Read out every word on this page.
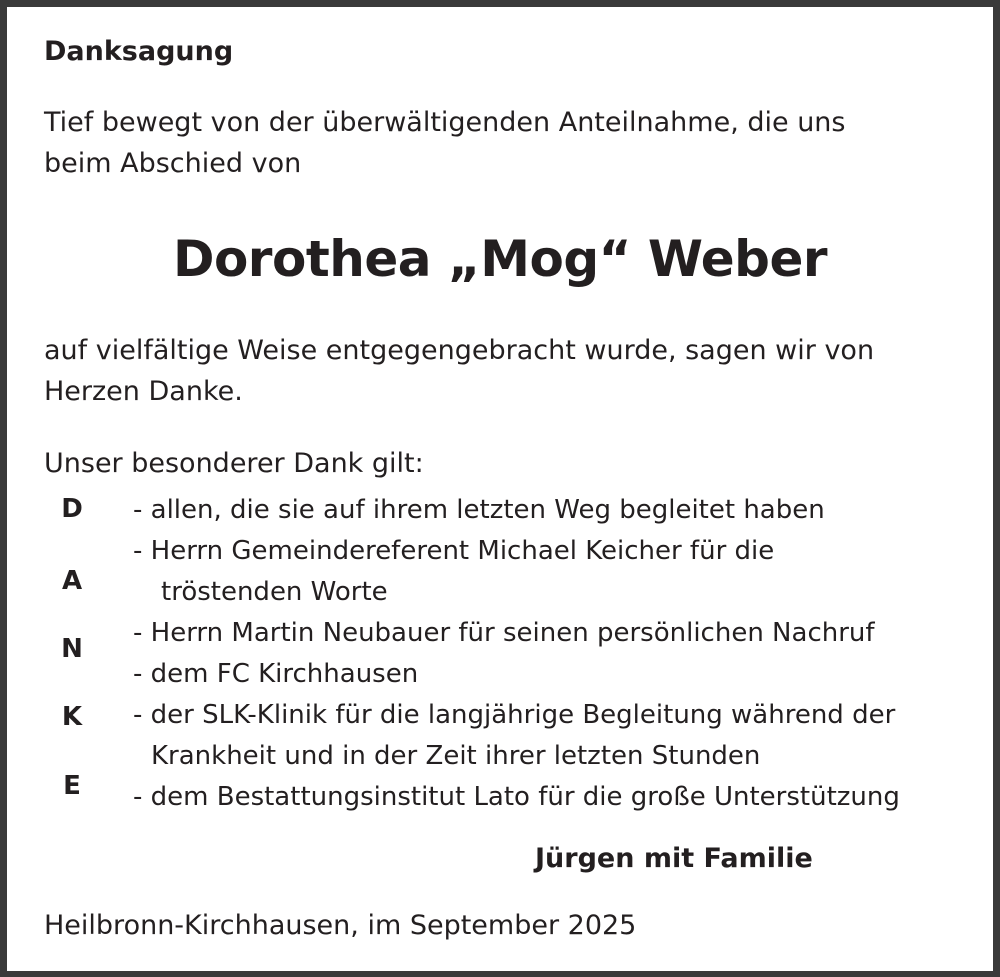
Danksagung
Tief bewegt von der überwältigenden Anteilnahme, die uns
beim Abschied von
Dorothea „Mog“ Weber
auf vielfältige Weise entgegengebracht wurde, sagen wir von
Herzen Danke.
Unser besonderer Dank gilt:
D
A
N
K
E
- allen, die sie auf ihrem letzten Weg begleitet haben
- Herrn Gemeindereferent Michael Keicher für die
tröstenden Worte
- Herrn Martin Neubauer für seinen persönlichen Nachruf
- dem FC Kirchhausen
- der SLK-Klinik für die langjährige Begleitung während der
Krankheit und in der Zeit ihrer letzten Stunden
- dem Bestattungsinstitut Lato für die große Unterstützung
Jürgen mit Familie
Heilbronn-Kirchhausen, im September 2025
